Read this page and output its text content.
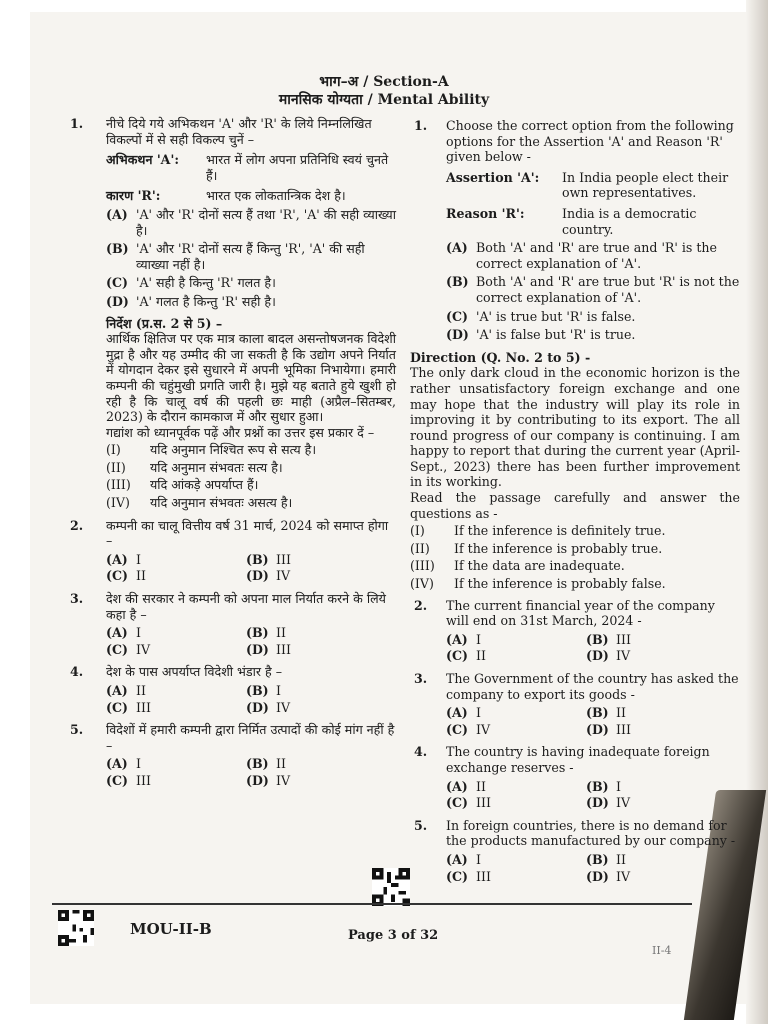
भाग–अ / Section-A
मानसिक योग्यता / Mental Ability
1. नीचे दिये गये अभिकथन 'A' और 'R' के लिये निम्नलिखित विकल्पों में से सही विकल्प चुनें –
अभिकथन 'A':	भारत में लोग अपना प्रतिनिधि स्वयं चुनते हैं।
कारण 'R':	भारत एक लोकतान्त्रिक देश है।
(A) 'A' और 'R' दोनों सत्य हैं तथा 'R', 'A' की सही व्याख्या है।
(B) 'A' और 'R' दोनों सत्य हैं किन्तु 'R', 'A' की सही व्याख्या नहीं है।
(C) 'A' सही है किन्तु 'R' गलत है।
(D) 'A' गलत है किन्तु 'R' सही है।
निर्देश (प्र.स. 2 से 5) –
आर्थिक क्षितिज पर एक मात्र काला बादल असन्तोषजनक विदेशी मुद्रा है और यह उम्मीद की जा सकती है कि उद्योग अपने निर्यात में योगदान देकर इसे सुधारने में अपनी भूमिका निभायेगा। हमारी कम्पनी की चहुंमुखी प्रगति जारी है। मुझे यह बताते हुये खुशी हो रही है कि चालू वर्ष की पहली छः माही (अप्रैल–सितम्बर, 2023) के दौरान कामकाज में और सुधार हुआ।
गद्यांश को ध्यानपूर्वक पढ़ें और प्रश्नों का उत्तर इस प्रकार दें –
(I)	यदि अनुमान निश्चित रूप से सत्य है।
(II)	यदि अनुमान संभवतः सत्य है।
(III)	यदि आंकड़े अपर्याप्त हैं।
(IV)	यदि अनुमान संभवतः असत्य है।
2. कम्पनी का चालू वित्तीय वर्ष 31 मार्च, 2024 को समाप्त होगा –
(A) I	(B) III
(C) II	(D) IV
3. देश की सरकार ने कम्पनी को अपना माल निर्यात करने के लिये कहा है –
(A) I	(B) II
(C) IV	(D) III
4. देश के पास अपर्याप्त विदेशी भंडार है –
(A) II	(B) I
(C) III	(D) IV
5. विदेशों में हमारी कम्पनी द्वारा निर्मित उत्पादों की कोई मांग नहीं है –
(A) I	(B) II
(C) III	(D) IV
1. Choose the correct option from the following options for the Assertion 'A' and Reason 'R' given below -
Assertion 'A':	In India people elect their own representatives.
Reason 'R':	India is a democratic country.
(A) Both 'A' and 'R' are true and 'R' is the correct explanation of 'A'.
(B) Both 'A' and 'R' are true but 'R' is not the correct explanation of 'A'.
(C) 'A' is true but 'R' is false.
(D) 'A' is false but 'R' is true.
Direction (Q. No. 2 to 5) -
The only dark cloud in the economic horizon is the rather unsatisfactory foreign exchange and one may hope that the industry will play its role in improving it by contributing to its export. The all round progress of our company is continuing. I am happy to report that during the current year (April-Sept., 2023) there has been further improvement in its working.
Read the passage carefully and answer the questions as -
(I)	If the inference is definitely true.
(II)	If the inference is probably true.
(III)	If the data are inadequate.
(IV)	If the inference is probably false.
2. The current financial year of the company will end on 31st March, 2024 -
(A) I	(B) III
(C) II	(D) IV
3. The Government of the country has asked the company to export its goods -
(A) I	(B) II
(C) IV	(D) III
4. The country is having inadequate foreign exchange reserves -
(A) II	(B) I
(C) III	(D) IV
5. In foreign countries, there is no demand for the products manufactured by our company -
(A) I	(B) II
(C) III	(D) IV
MOU-II-B	Page 3 of 32
II-4
